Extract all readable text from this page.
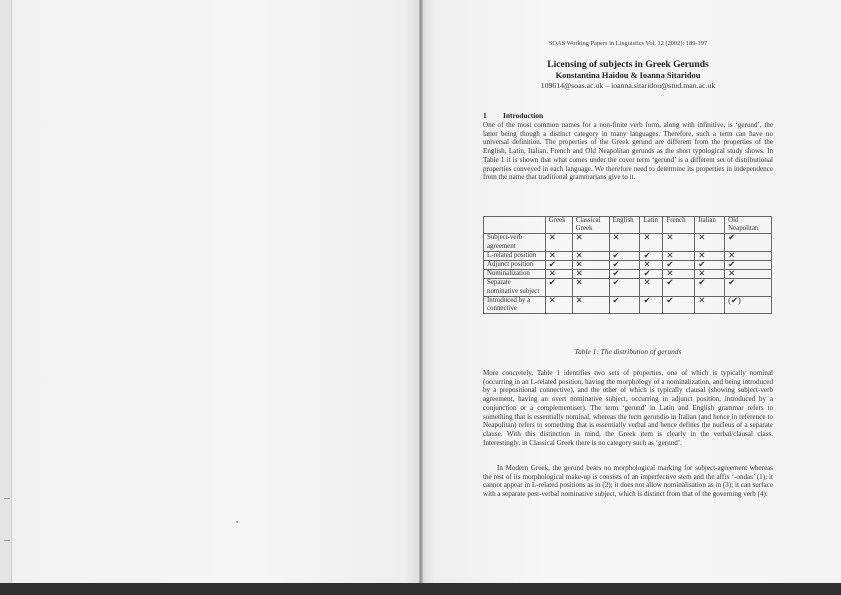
SOAS Working Papers in Linguistics Vol. 12 (2002): 189-197
Licensing of subjects in Greek Gerunds
Konstantina Haidou & Ioanna Sitaridou
109614@soas.ac.uk – ioanna.sitaridou@stud.man.ac.uk
1 Introduction

One of the most common names for a non-finite verb form, along with infinitive, is ‘gerund’, the latter being though a distinct category in many languages. Therefore, such a term can have no universal definition. The properties of the Greek gerund are different from the properties of the English, Latin, Italian, French and Old Neapolitan gerunds as the short typological study shows. In Table 1 it is shown that what comes under the cover term ‘gerund’ is a different set of distributional properties conveyed in each language. We therefore need to determine its properties in independence from the name that traditional grammarians give to it.

	Greek	Classical Greek	English	Latin	French	Italian	Old Neapolitan
Subject-verb agreement	✕	✕	✕	✕	✕	✕	✔
L-related position	✕	✕	✔	✔	✕	✕	✕
Adjunct position	✔	✕	✔	✕	✔	✔	✔
Nominalization	✕	✕	✔	✔	✕	✕	✕
Separate nominative subject	✔	✕	✔	✕	✔	✔	✔
Introduced by a connective	✕	✕	✔	✔	✔	✕	(✔)
Table 1: The distribution of gerunds

More concretely, Table 1 identifies two sets of properties, one of which is typically nominal (occurring in an L-related position, having the morphology of a nominalization, and being introduced by a prepositional connective), and the other of which is typically clausal (showing subject-verb agreement, having an overt nominative subject, occurring in adjunct position, introduced by a conjunction or a complementiser). The term ‘gerund’ in Latin and English grammar refers to something that is essentially nominal, whereas the term gerundio in Italian (and hence in reference to Neapolitan) refers to something that is essentially verbal and hence defines the nucleus of a separate clause. With this distinction in mind, the Greek item is clearly in the verbal/clausal class. Interestingly, in Classical Greek there is no category such as ‘gerund’.

In Modern Greek, the gerund bears no morphological marking for subject-agreement whereas the rest of its morphological make-up is consists of an imperfective stem and the affix ‘-ondas’ (1); it cannot appear in L-related positions as in (2); it does not allow nominalisation as in (3); it can surface with a separate post-verbal nominative subject, which is distinct from that of the governing verb (4):
